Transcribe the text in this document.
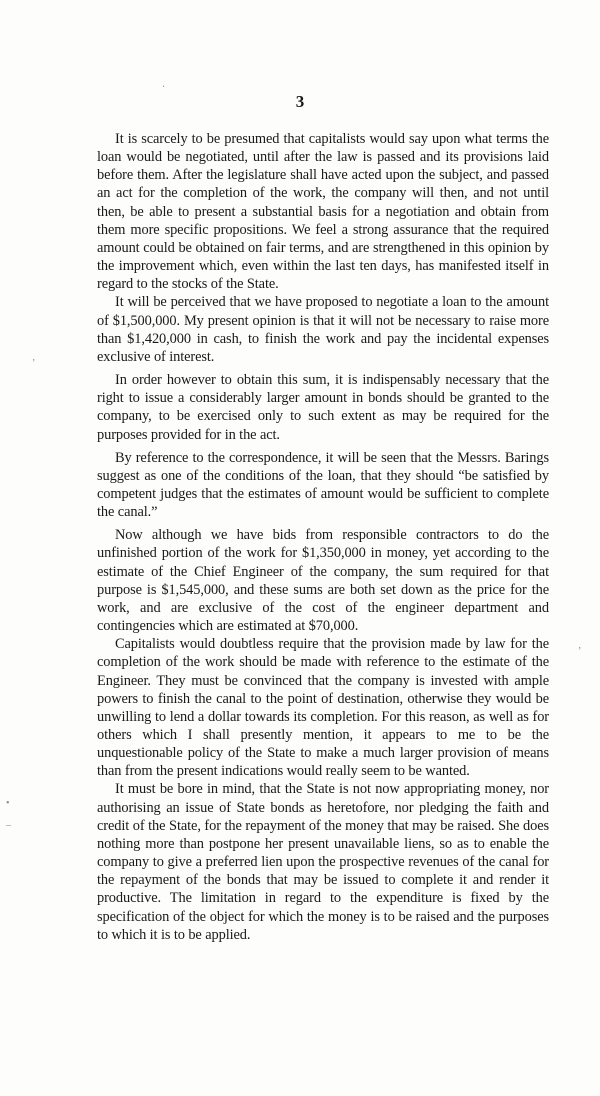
‧
‚
‚
•
–
3

It is scarcely to be presumed that capitalists would say upon what terms the loan would be negotiated, until after the law is passed and its provisions laid before them. After the legislature shall have acted upon the subject, and passed an act for the completion of the work, the company will then, and not until then, be able to present a substantial basis for a negotiation and obtain from them more specific propositions. We feel a strong assurance that the required amount could be obtained on fair terms, and are strengthened in this opinion by the improvement which, even within the last ten days, has manifested itself in regard to the stocks of the State.

It will be perceived that we have proposed to negotiate a loan to the amount of $1,500,000. My present opinion is that it will not be necessary to raise more than $1,420,000 in cash, to finish the work and pay the incidental expenses exclusive of interest.

In order however to obtain this sum, it is indispensably necessary that the right to issue a considerably larger amount in bonds should be granted to the company, to be exercised only to such extent as may be required for the purposes provided for in the act.

By reference to the correspondence, it will be seen that the Messrs. Barings suggest as one of the conditions of the loan, that they should “be satisfied by competent judges that the estimates of amount would be sufficient to complete the canal.”

Now although we have bids from responsible contractors to do the unfinished portion of the work for $1,350,000 in money, yet according to the estimate of the Chief Engineer of the company, the sum required for that purpose is $1,545,000, and these sums are both set down as the price for the work, and are exclusive of the cost of the engineer department and contingencies which are estimated at $70,000.

Capitalists would doubtless require that the provision made by law for the completion of the work should be made with reference to the estimate of the Engineer. They must be convinced that the company is invested with ample powers to finish the canal to the point of destination, otherwise they would be unwilling to lend a dollar towards its completion. For this reason, as well as for others which I shall presently mention, it appears to me to be the unquestionable policy of the State to make a much larger provision of means than from the present indications would really seem to be wanted.

It must be bore in mind, that the State is not now appropriating money, nor authorising an issue of State bonds as heretofore, nor pledging the faith and credit of the State, for the repayment of the money that may be raised. She does nothing more than postpone her present unavailable liens, so as to enable the company to give a preferred lien upon the prospective revenues of the canal for the repayment of the bonds that may be issued to complete it and render it productive. The limitation in regard to the expenditure is fixed by the specification of the object for which the money is to be raised and the purposes to which it is to be applied.
